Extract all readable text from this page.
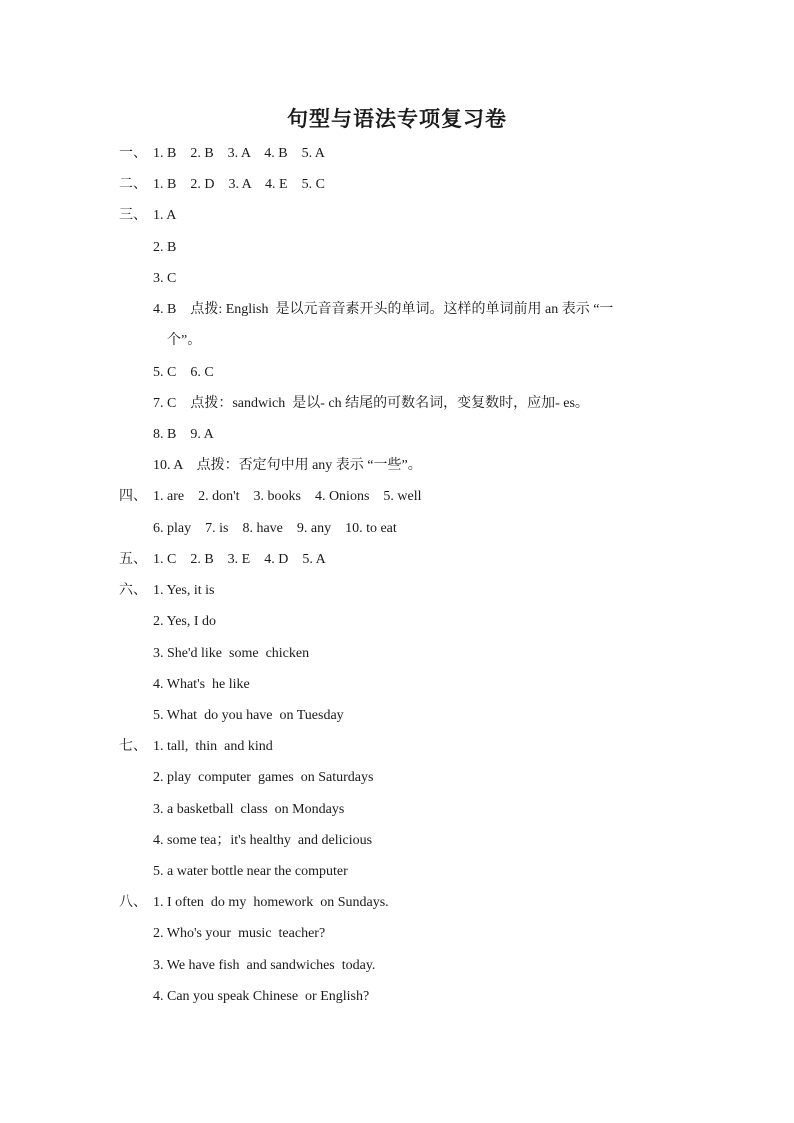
句型与语法专项复习卷
一、 1. B    2. B    3. A    4. B    5. A
二、 1. B    2. D    3. A    4. E    5. C
三、 1. A
2. B
3. C
4. B    点拨: English  是以元音音素开头的单词。这样的单词前用 an 表示 “一
个”。
5. C    6. C
7. C    点拨：sandwich  是以- ch 结尾的可数名词，变复数时，应加- es。
8. B    9. A
10. A    点拨：否定句中用 any 表示 “一些”。
四、 1. are    2. don't    3. books    4. Onions    5. well
6. play    7. is    8. have    9. any    10. to eat
五、 1. C    2. B    3. E    4. D    5. A
六、 1. Yes, it is
2. Yes, I do
3. She'd like  some  chicken
4. What's  he like
5. What  do you have  on Tuesday
七、 1. tall,  thin  and kind
2. play  computer  games  on Saturdays
3. a basketball  class  on Mondays
4. some tea；it's healthy  and delicious
5. a water bottle near the computer
八、 1. I often  do my  homework  on Sundays.
2. Who's your  music  teacher?
3. We have fish  and sandwiches  today.
4. Can you speak Chinese  or English?
